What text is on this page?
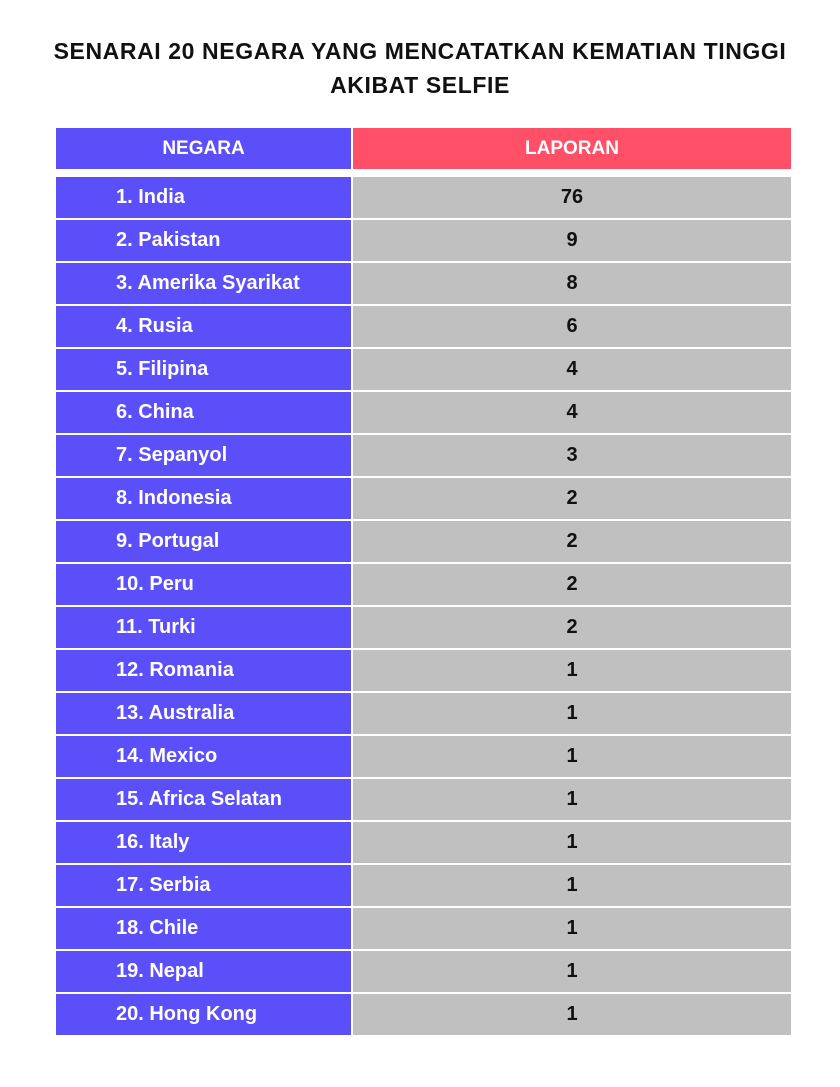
SENARAI 20 NEGARA YANG MENCATATKAN KEMATIAN TINGGI
AKIBAT SELFIE
NEGARA	LAPORAN
1. India	76
2. Pakistan	9
3. Amerika Syarikat	8
4. Rusia	6
5. Filipina	4
6. China	4
7. Sepanyol	3
8. Indonesia	2
9. Portugal	2
10. Peru	2
11. Turki	2
12. Romania	1
13. Australia	1
14. Mexico	1
15. Africa Selatan	1
16. Italy	1
17. Serbia	1
18. Chile	1
19. Nepal	1
20. Hong Kong	1
